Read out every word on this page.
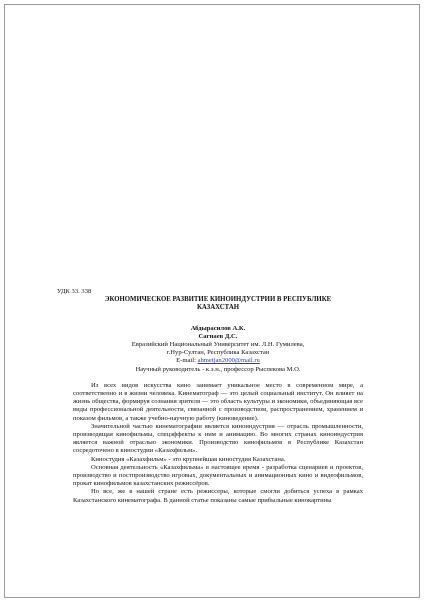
УДК 33. 338
ЭКОНОМИЧЕСКОЕ РАЗВИТИЕ КИНОИНДУСТРИИ В РЕСПУБЛИКЕ
КАЗАХСТАН
Абдырасилов А.К.
Сагнаев Д.С.
Евразийский Национальный Университет им. Л.Н. Гумилева,
г.Нур-Султан, Республика Казахстан
E-mail: ahmetjan2000@mail.ru
Научный руководитель - к.э.н., профессор Рыспекова М.О.

Из всех видов искусства кино занимает уникальное место в современном мире, а соответственно и в жизни человека. Кинематограф — это целый социальный институт. Он влияет на жизнь общества, формируя сознания зрителя — это область культуры и экономики, объединяющая все виды профессиональной деятельности, связанной с производством, распространением, хранением и показом фильмов, а также учебно-научную работу (киноведение).

Значительной частью кинематографии является киноиндустрия — отрасль промышленности, производящая кинофильмы, спецэффекты к ним и анимацию. Во многих странах киноиндустрия является важной отраслью экономики. Производство кинофильмов в Республике Казахстан сосредоточено в киностудии «Казахфильм».

Киностудия «Казахфильм» - это крупнейшая киностудия Казахстана.

Основная деятельность «Казахфильма» в настоящее время - разработка сценариев и проектов, производство и постпроизводство игровых, документальных и анимационных кино и видеофильмов, прокат кинофильмов казахстанских режиссёров.

Но все, же в нашей стране есть режиссеры, которые смогли добиться успеха в рамках Казахстанского кинематографа. В данной статье показаны самые прибыльные кинокартины
